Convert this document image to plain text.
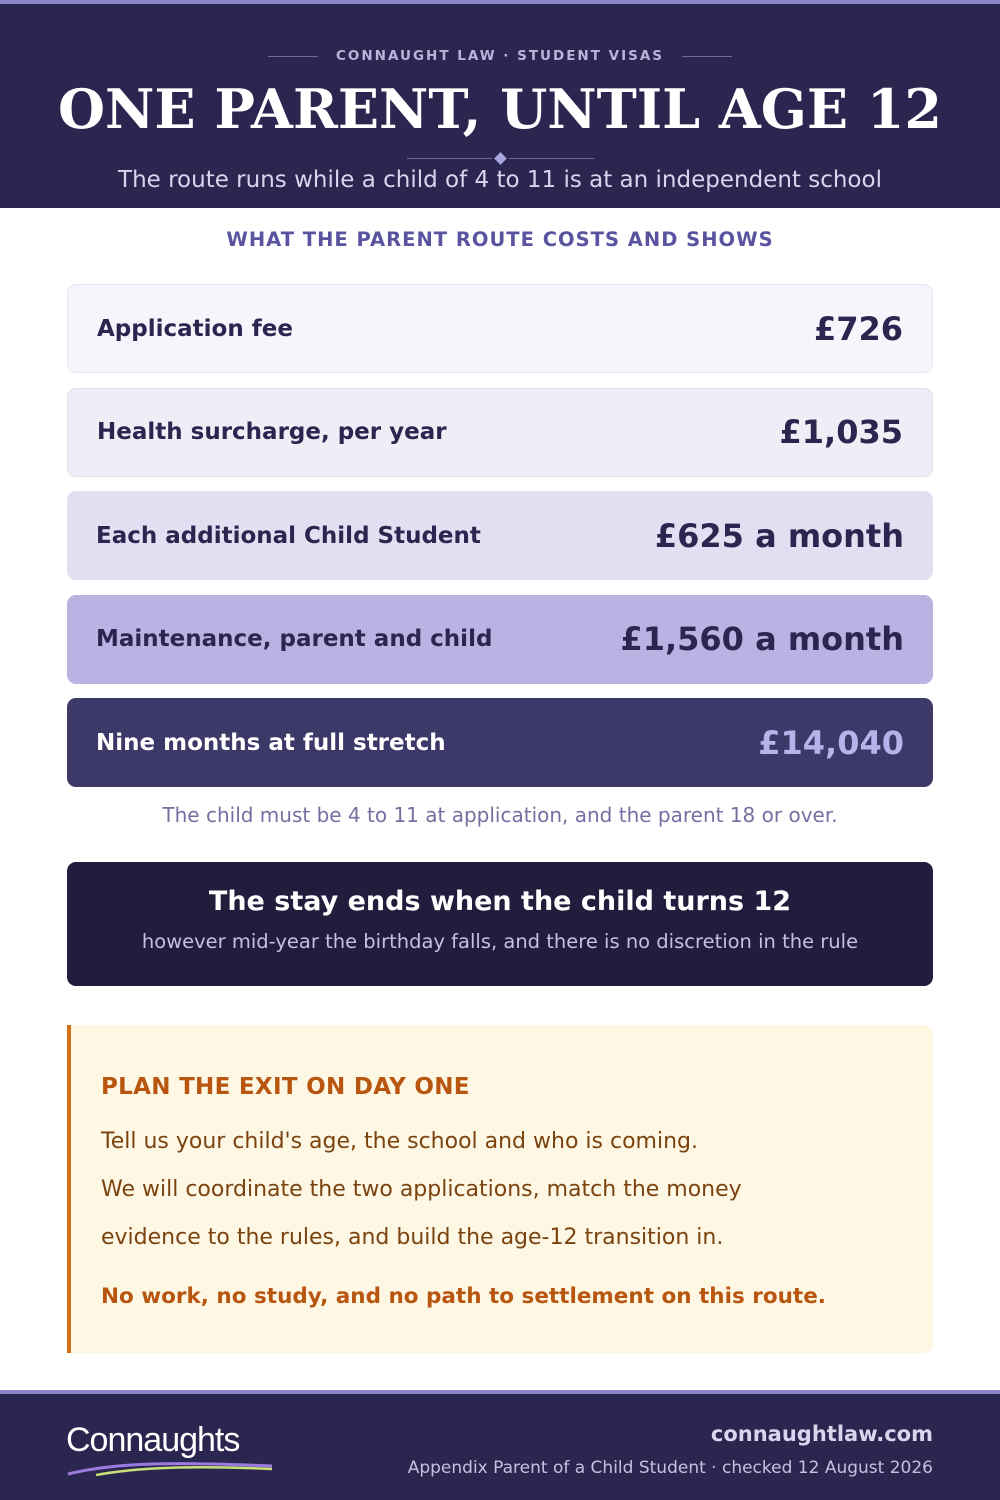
CONNAUGHT LAW · STUDENT VISAS
ONE PARENT, UNTIL AGE 12
The route runs while a child of 4 to 11 is at an independent school
WHAT THE PARENT ROUTE COSTS AND SHOWS
Application fee	£726
Health surcharge, per year	£1,035
Each additional Child Student	£625 a month
Maintenance, parent and child	£1,560 a month
Nine months at full stretch	£14,040
The child must be 4 to 11 at application, and the parent 18 or over.
The stay ends when the child turns 12
however mid-year the birthday falls, and there is no discretion in the rule
PLAN THE EXIT ON DAY ONE
Tell us your child's age, the school and who is coming.
We will coordinate the two applications, match the money
evidence to the rules, and build the age-12 transition in.
No work, no study, and no path to settlement on this route.
Connaughts	connaughtlaw.com
Appendix Parent of a Child Student · checked 12 August 2026
